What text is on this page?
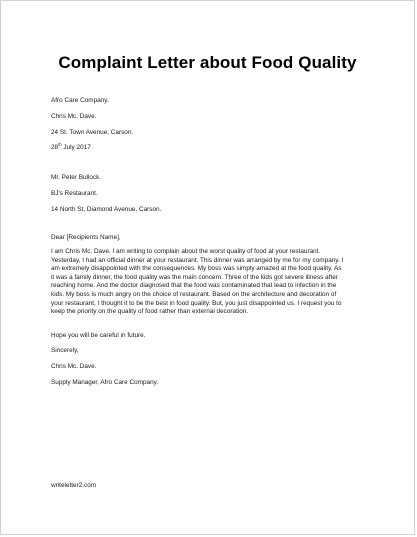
Complaint Letter about Food Quality
Afro Care Company.
Chris Mc. Dave.
24 St. Town Avenue, Carson.
28th July 2017
Mr. Peter Bullock.
BJ's Restaurant.
14 North St, Diamond Avenue, Carson.
Dear [Recipients Name],
I am Chris Mc. Dave. I am writing to complain about the worst quality of food at your restaurant.
Yesterday, I had an official dinner at your restaurant. This dinner was arranged by me for my company. I
am extremely disappointed with the consequences. My boss was simply amazed at the food quality. As
it was a family dinner, the food quality was the main concern. Three of the kids got severe illness after
reaching home. And the doctor diagnosed that the food was contaminated that lead to infection in the
kids. My boss is much angry on the choice of restaurant. Based on the architecture and decoration of
your restaurant, I thought it to be the best in food quality. But, you just disappointed us. I request you to
keep the priority on the quality of food rather than external decoration.
Hope you will be careful in future.
Sincerely,
Chris Mc. Dave.
Supply Manager, Afro Care Company.
writeletter2.com
